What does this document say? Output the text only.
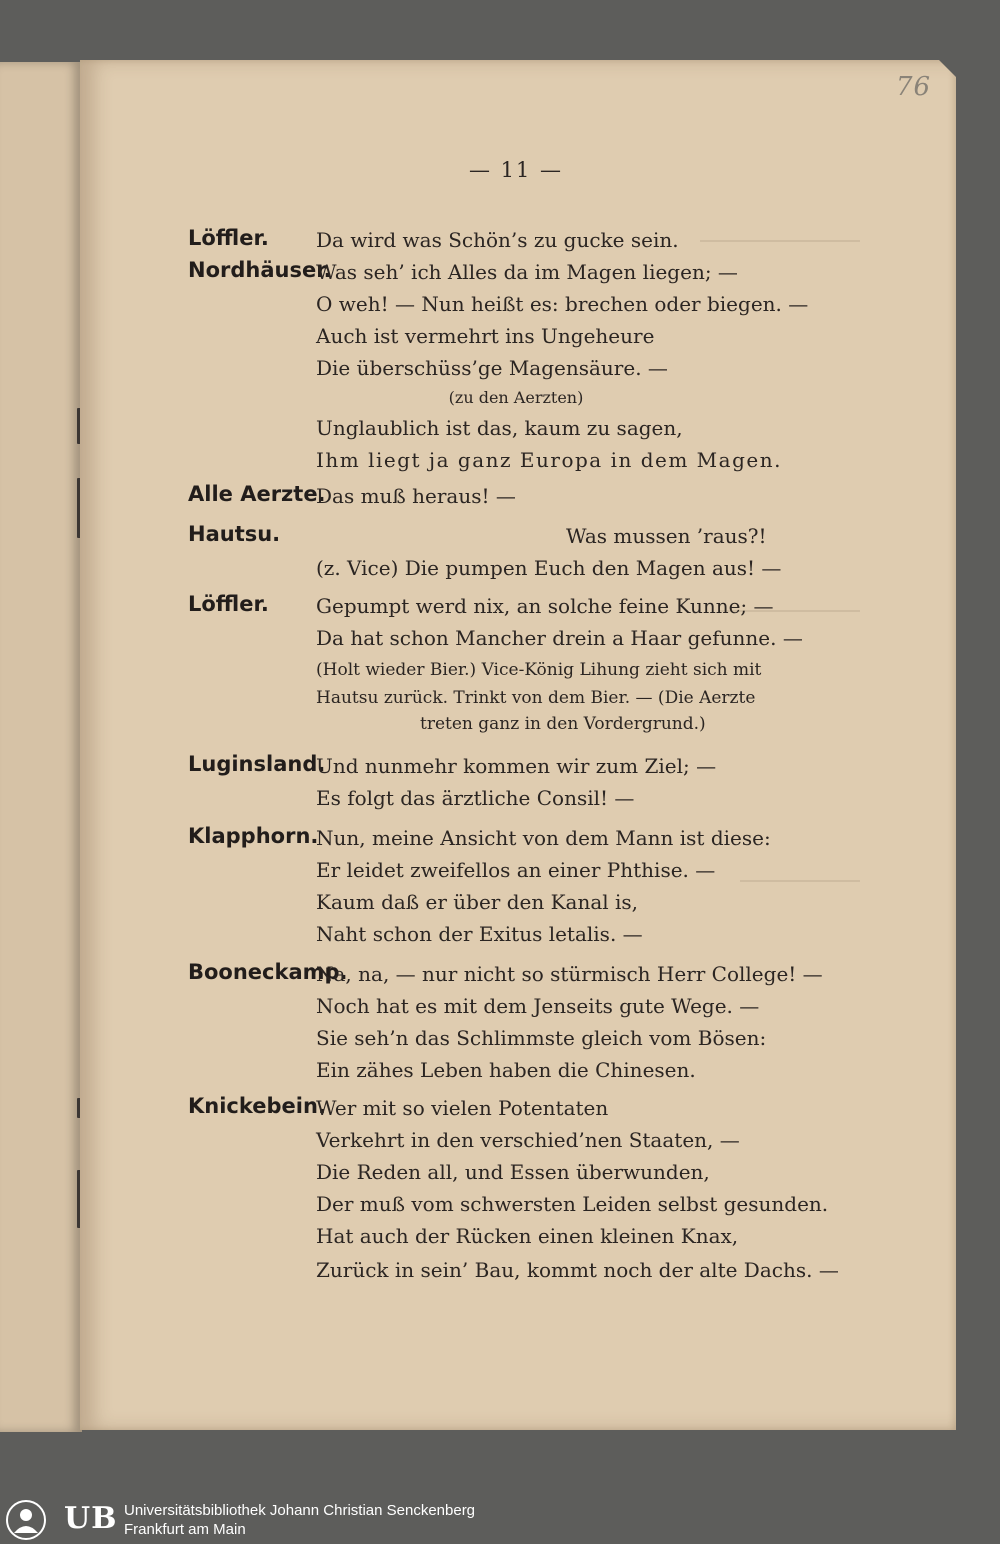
76
— 11 —
Löffler.
Nordhäuser.
Alle Aerzte.
Hautsu.
Löffler.
Luginsland.
Klapphorn.
Booneckamp.
Knickebein.
Da wird was Schön’s zu gucke sein.
Was seh’ ich Alles da im Magen liegen; —
O weh! — Nun heißt es: brechen oder biegen. —
Auch ist vermehrt ins Ungeheure
Die überschüss’ge Magensäure. —
(zu den Aerzten)
Unglaublich ist das, kaum zu sagen,
Ihm liegt ja ganz Europa in dem Magen.
Das muß heraus! —
Was mussen ’raus?!
(z. Vice) Die pumpen Euch den Magen aus! —
Gepumpt werd nix, an solche feine Kunne; —
Da hat schon Mancher drein a Haar gefunne. —
(Holt wieder Bier.) Vice-König Lihung zieht sich mit
Hautsu zurück. Trinkt von dem Bier. — (Die Aerzte
treten ganz in den Vordergrund.)
Und nunmehr kommen wir zum Ziel; —
Es folgt das ärztliche Consil! —
Nun, meine Ansicht von dem Mann ist diese:
Er leidet zweifellos an einer Phthise. —
Kaum daß er über den Kanal is,
Naht schon der Exitus letalis. —
Na, na, — nur nicht so stürmisch Herr College! —
Noch hat es mit dem Jenseits gute Wege. —
Sie seh’n das Schlimmste gleich vom Bösen:
Ein zähes Leben haben die Chinesen.
Wer mit so vielen Potentaten
Verkehrt in den verschied’nen Staaten, —
Die Reden all, und Essen überwunden,
Der muß vom schwersten Leiden selbst gesunden.
Hat auch der Rücken einen kleinen Knax,
Zurück in sein’ Bau, kommt noch der alte Dachs. —
UB Universitätsbibliothek Johann Christian Senckenberg
Frankfurt am Main
